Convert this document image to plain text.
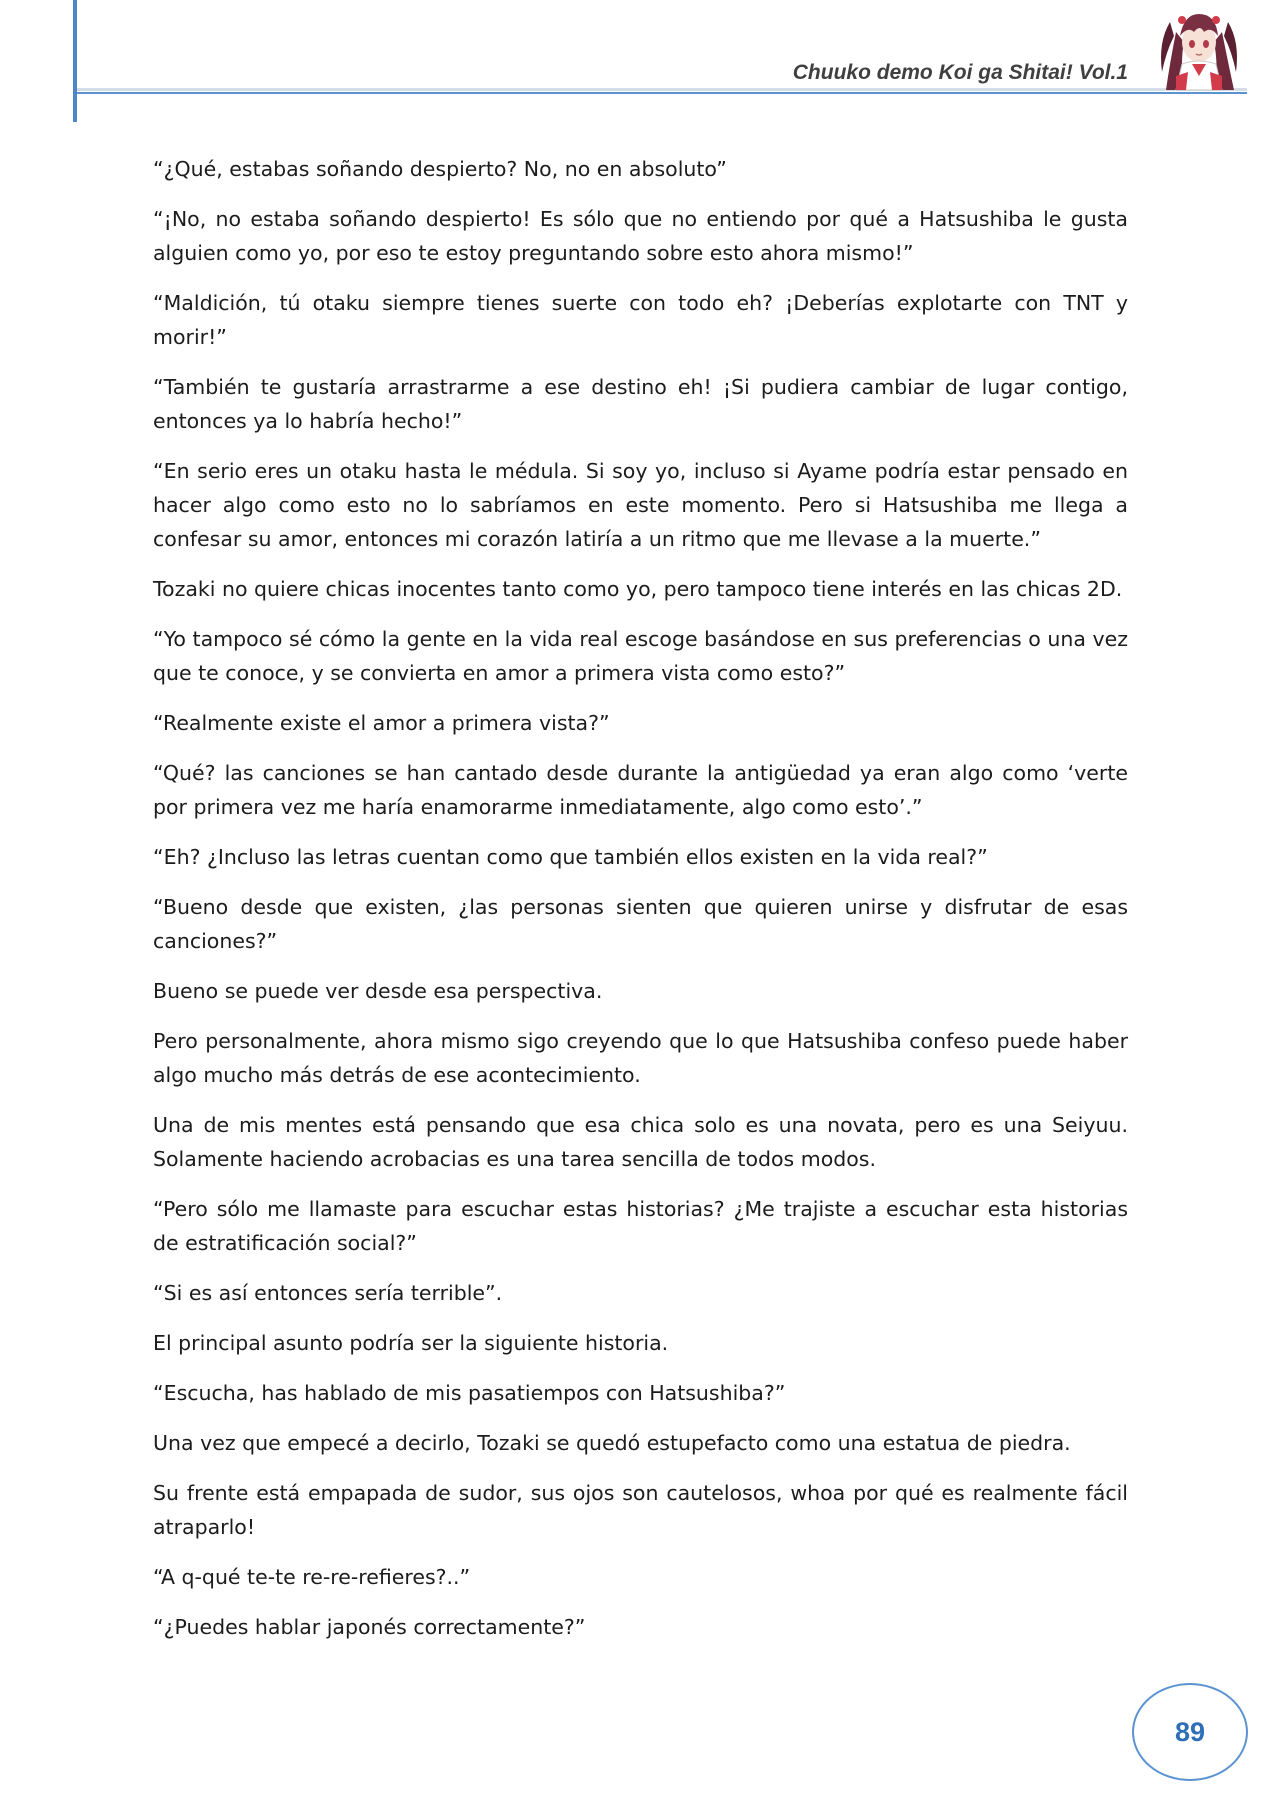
Chuuko demo Koi ga Shitai! Vol.1

“¿Qué, estabas soñando despierto? No, no en absoluto”

“¡No, no estaba soñando despierto! Es sólo que no entiendo por qué a Hatsushiba le gusta alguien como yo, por eso te estoy preguntando sobre esto ahora mismo!”

“Maldición, tú otaku siempre tienes suerte con todo eh? ¡Deberías explotarte con TNT y morir!”

“También te gustaría arrastrarme a ese destino eh! ¡Si pudiera cambiar de lugar contigo, entonces ya lo habría hecho!”

“En serio eres un otaku hasta le médula. Si soy yo, incluso si Ayame podría estar pensado en hacer algo como esto no lo sabríamos en este momento. Pero si Hatsushiba me llega a confesar su amor, entonces mi corazón latiría a un ritmo que me llevase a la muerte.”

Tozaki no quiere chicas inocentes tanto como yo, pero tampoco tiene interés en las chicas 2D.

“Yo tampoco sé cómo la gente en la vida real escoge basándose en sus preferencias o una vez que te conoce, y se convierta en amor a primera vista como esto?”

“Realmente existe el amor a primera vista?”

“Qué? las canciones se han cantado desde durante la antigüedad ya eran algo como ‘verte por primera vez me haría enamorarme inmediatamente, algo como esto’.”

“Eh? ¿Incluso las letras cuentan como que también ellos existen en la vida real?”

“Bueno desde que existen, ¿las personas sienten que quieren unirse y disfrutar de esas canciones?”

Bueno se puede ver desde esa perspectiva.

Pero personalmente, ahora mismo sigo creyendo que lo que Hatsushiba confeso puede haber algo mucho más detrás de ese acontecimiento.

Una de mis mentes está pensando que esa chica solo es una novata, pero es una Seiyuu. Solamente haciendo acrobacias es una tarea sencilla de todos modos.

“Pero sólo me llamaste para escuchar estas historias? ¿Me trajiste a escuchar esta historias de estratificación social?”

“Si es así entonces sería terrible”.

El principal asunto podría ser la siguiente historia.

“Escucha, has hablado de mis pasatiempos con Hatsushiba?”

Una vez que empecé a decirlo, Tozaki se quedó estupefacto como una estatua de piedra.

Su frente está empapada de sudor, sus ojos son cautelosos, whoa por qué es realmente fácil atraparlo!

“A q-qué te-te re-re-refieres?..”

“¿Puedes hablar japonés correctamente?”

89
